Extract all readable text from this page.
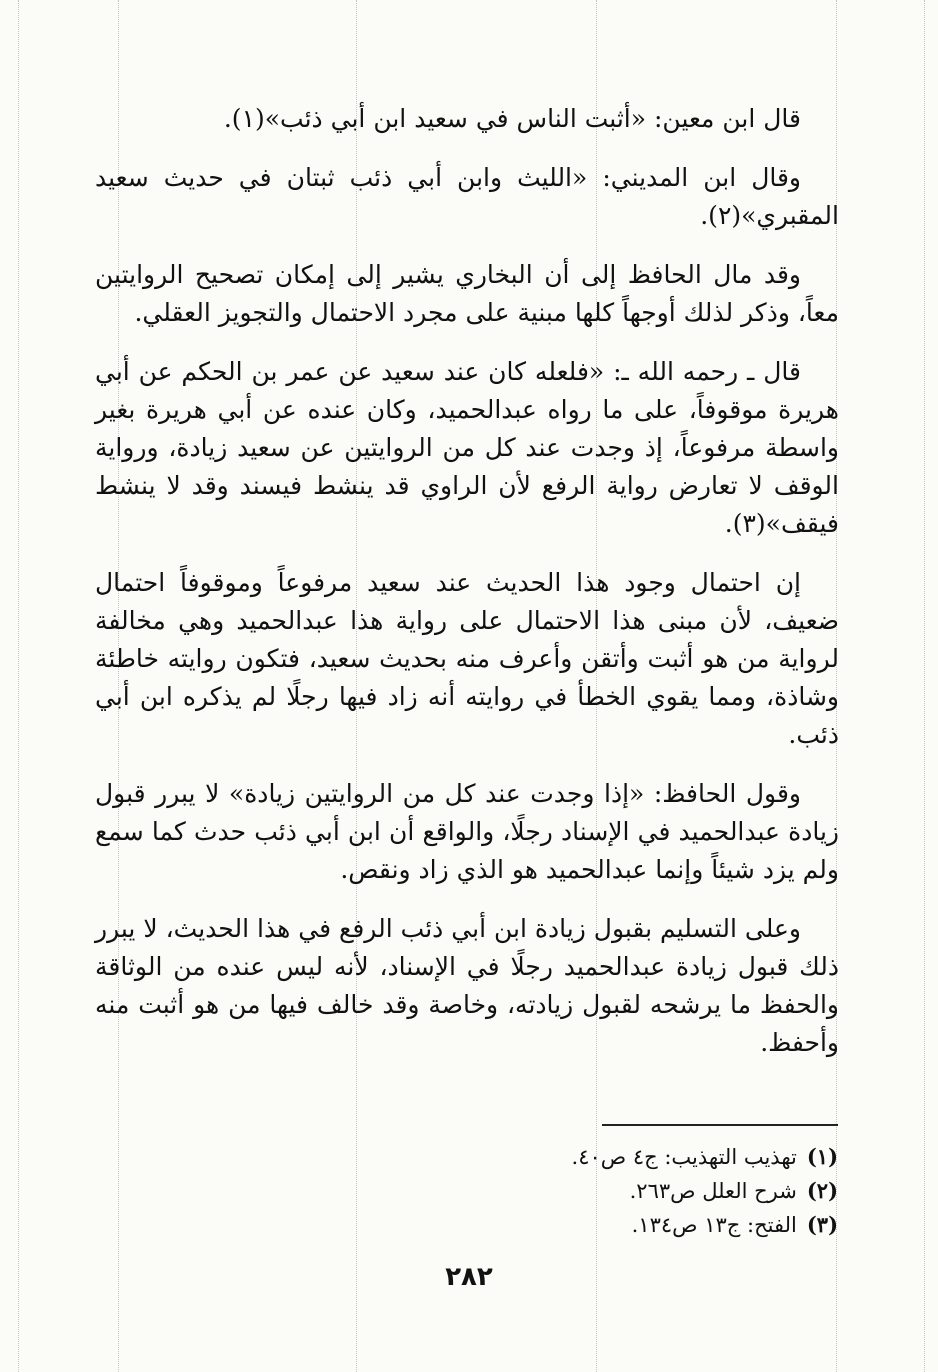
قال ابن معين: «أثبت الناس في سعيد ابن أبي ذئب»(١).

وقال ابن المديني: «الليث وابن أبي ذئب ثبتان في حديث سعيد المقبري»(٢).

وقد مال الحافظ إلى أن البخاري يشير إلى إمكان تصحيح الروايتين معاً، وذكر لذلك أوجهاً كلها مبنية على مجرد الاحتمال والتجويز العقلي.

قال ـ رحمه الله ـ: «فلعله كان عند سعيد عن عمر بن الحكم عن أبي هريرة موقوفاً، على ما رواه عبدالحميد، وكان عنده عن أبي هريرة بغير واسطة مرفوعاً، إذ وجدت عند كل من الروايتين عن سعيد زيادة، ورواية الوقف لا تعارض رواية الرفع لأن الراوي قد ينشط فيسند وقد لا ينشط فيقف»(٣).

إن احتمال وجود هذا الحديث عند سعيد مرفوعاً وموقوفاً احتمال ضعيف، لأن مبنى هذا الاحتمال على رواية هذا عبدالحميد وهي مخالفة لرواية من هو أثبت وأتقن وأعرف منه بحديث سعيد، فتكون روايته خاطئة وشاذة، ومما يقوي الخطأ في روايته أنه زاد فيها رجلًا لم يذكره ابن أبي ذئب.

وقول الحافظ: «إذا وجدت عند كل من الروايتين زيادة» لا يبرر قبول زيادة عبدالحميد في الإسناد رجلًا، والواقع أن ابن أبي ذئب حدث كما سمع ولم يزد شيئاً وإنما عبدالحميد هو الذي زاد ونقص.

وعلى التسليم بقبول زيادة ابن أبي ذئب الرفع في هذا الحديث، لا يبرر ذلك قبول زيادة عبدالحميد رجلًا في الإسناد، لأنه ليس عنده من الوثاقة والحفظ ما يرشحه لقبول زيادته، وخاصة وقد خالف فيها من هو أثبت منه وأحفظ.

(١)تهذيب التهذيب: ج٤ ص٤٠.
(٢)شرح العلل ص٢٦٣.
(٣)الفتح: ج١٣ ص١٣٤.
٢٨٢
